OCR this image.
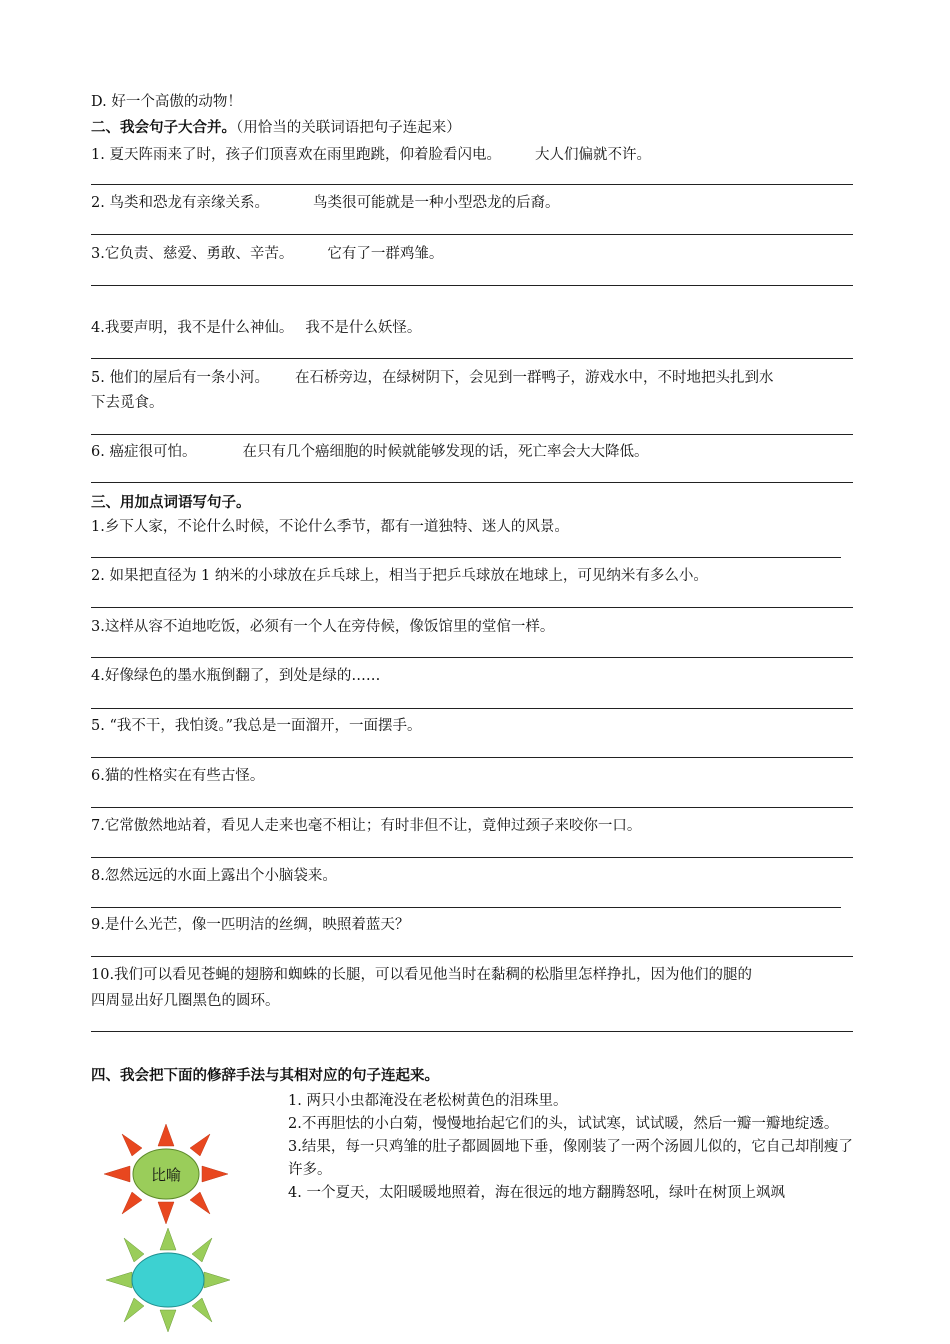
D. 好一个高傲的动物！
二、我会句子大合并。（用恰当的关联词语把句子连起来）
1. 夏天阵雨来了时，孩子们顶喜欢在雨里跑跳，仰着脸看闪电。 大人们偏就不许。
2. 鸟类和恐龙有亲缘关系。	鸟类很可能就是一种小型恐龙的后裔。
3.它负责、慈爱、勇敢、辛苦。 它有了一群鸡雏。
4.我要声明，我不是什么神仙。 我不是什么妖怪。
5. 他们的屋后有一条小河。 在石桥旁边，在绿树阴下，会见到一群鸭子，游戏水中，不时地把头扎到水
下去觅食。
6. 癌症很可怕。	在只有几个癌细胞的时候就能够发现的话，死亡率会大大降低。
三、用加点词语写句子。
1.乡下人家，不论什么时候，不论什么季节，都有一道独特、迷人的风景。
2. 如果把直径为 1 纳米的小球放在乒乓球上，相当于把乒乓球放在地球上，可见纳米有多么小。
3.这样从容不迫地吃饭，必须有一个人在旁侍候，像饭馆里的堂倌一样。
4.好像绿色的墨水瓶倒翻了，到处是绿的……
5. “我不干，我怕烫。”我总是一面溜开，一面摆手。
6.猫的性格实在有些古怪。
7.它常傲然地站着，看见人走来也毫不相让；有时非但不让，竟伸过颈子来咬你一口。
8.忽然远远的水面上露出个小脑袋来。
9.是什么光芒，像一匹明洁的丝绸，映照着蓝天？
10.我们可以看见苍蝇的翅膀和蜘蛛的长腿，可以看见他当时在黏稠的松脂里怎样挣扎，因为他们的腿的
四周显出好几圈黑色的圆环。
四、我会把下面的修辞手法与其相对应的句子连起来。
1. 两只小虫都淹没在老松树黄色的泪珠里。
2.不再胆怯的小白菊，慢慢地抬起它们的头，试试寒，试试暖，然后一瓣一瓣地绽透。
3.结果，每一只鸡雏的肚子都圆圆地下垂，像刚装了一两个汤圆儿似的，它自己却削瘦了许多。
4. 一个夏天，太阳暖暖地照着，海在很远的地方翻腾怒吼，绿叶在树顶上飒飒
比喻
